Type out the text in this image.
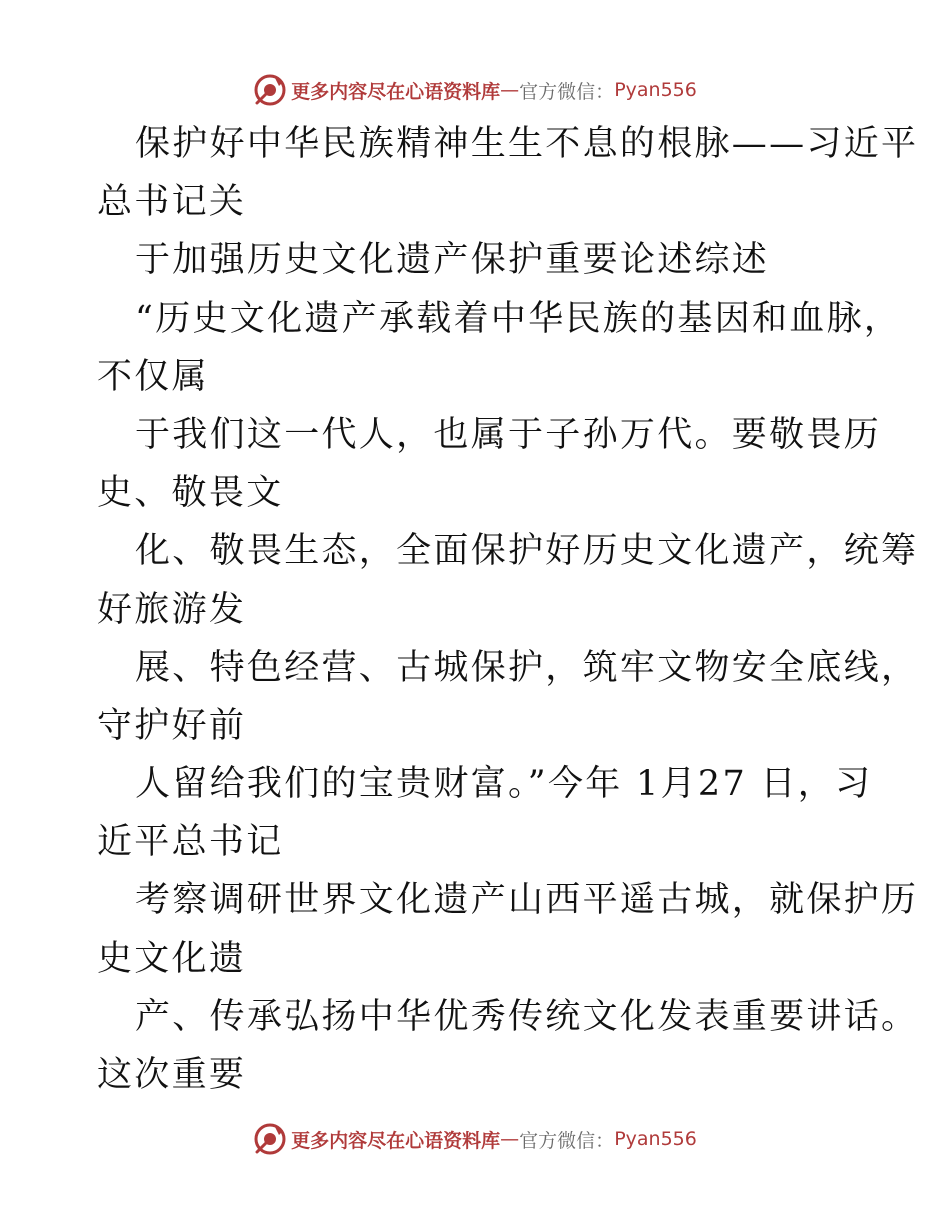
更多内容尽在心语资料库 — 官方微信： Pyan556
保护好中华民族精神生生不息的根脉——习近平
总书记关
于加强历史文化遗产保护重要论述综述
“历史文化遗产承载着中华民族的基因和血脉，
不仅属
于我们这一代人，也属于子孙万代。要敬畏历
史、敬畏文
化、敬畏生态，全面保护好历史文化遗产，统筹
好旅游发
展、特色经营、古城保护，筑牢文物安全底线，
守护好前
人留给我们的宝贵财富。”今年 1月27 日，习
近平总书记
考察调研世界文化遗产山西平遥古城，就保护历
史文化遗
产、传承弘扬中华优秀传统文化发表重要讲话。
这次重要
更多内容尽在心语资料库 — 官方微信： Pyan556
